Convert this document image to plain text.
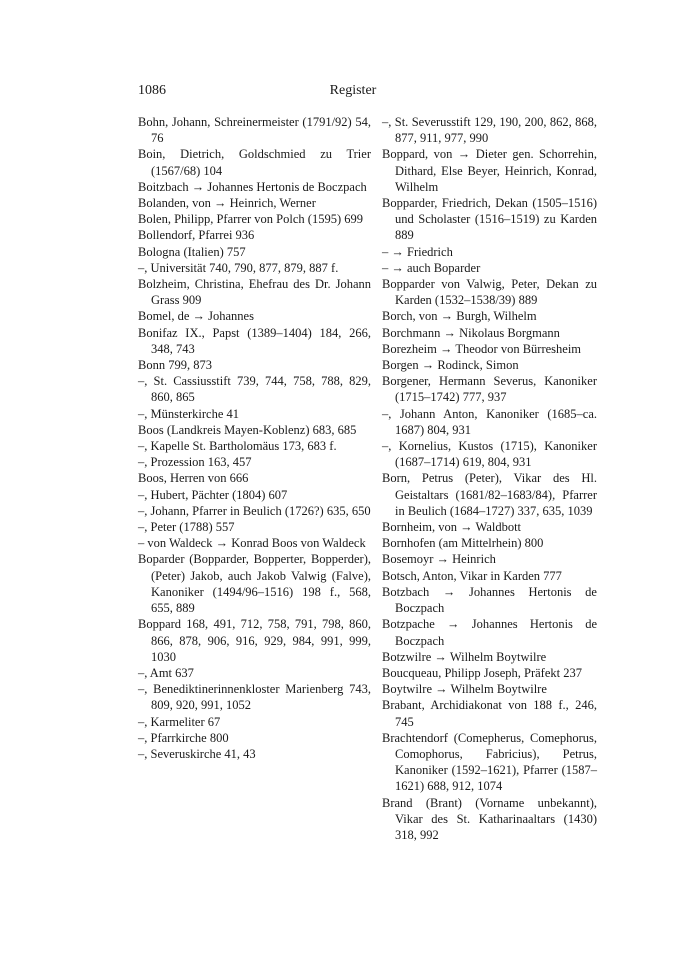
1086	Register

Bohn, Johann, Schreinermeister (1791/92) 54, 76

Boin, Dietrich, Goldschmied zu Trier (1567/68) 104

Boitzbach → Johannes Hertonis de Boczpach

Bolanden, von → Heinrich, Werner

Bolen, Philipp, Pfarrer von Polch (1595) 699

Bollendorf, Pfarrei 936

Bologna (Italien) 757

–, Universität 740, 790, 877, 879, 887 f.

Bolzheim, Christina, Ehefrau des Dr. Johann Grass 909

Bomel, de → Johannes

Bonifaz IX., Papst (1389–1404) 184, 266, 348, 743

Bonn 799, 873

–, St. Cassiusstift 739, 744, 758, 788, 829, 860, 865

–, Münsterkirche 41

Boos (Landkreis Mayen-Koblenz) 683, 685

–, Kapelle St. Bartholomäus 173, 683 f.

–, Prozession 163, 457

Boos, Herren von 666

–, Hubert, Pächter (1804) 607

–, Johann, Pfarrer in Beulich (1726?) 635, 650

–, Peter (1788) 557

– von Waldeck → Konrad Boos von Waldeck

Boparder (Bopparder, Bopperter, Bopperder), (Peter) Jakob, auch Jakob Valwig (Falve), Kanoniker (1494/96–1516) 198 f., 568, 655, 889

Boppard 168, 491, 712, 758, 791, 798, 860, 866, 878, 906, 916, 929, 984, 991, 999, 1030

–, Amt 637

–, Benediktinerinnenkloster Marienberg 743, 809, 920, 991, 1052

–, Karmeliter 67

–, Pfarrkirche 800

–, Severuskirche 41, 43

–, St. Severusstift 129, 190, 200, 862, 868, 877, 911, 977, 990

Boppard, von → Dieter gen. Schorrehin, Dithard, Else Beyer, Heinrich, Konrad, Wilhelm

Bopparder, Friedrich, Dekan (1505–1516) und Scholaster (1516–1519) zu Karden 889

– → Friedrich

– → auch Boparder

Bopparder von Valwig, Peter, Dekan zu Karden (1532–1538/39) 889

Borch, von → Burgh, Wilhelm

Borchmann → Nikolaus Borgmann

Borezheim → Theodor von Bürresheim

Borgen → Rodinck, Simon

Borgener, Hermann Severus, Kanoniker (1715–1742) 777, 937

–, Johann Anton, Kanoniker (1685–ca. 1687) 804, 931

–, Kornelius, Kustos (1715), Kanoniker (1687–1714) 619, 804, 931

Born, Petrus (Peter), Vikar des Hl. Geistaltars (1681/82–1683/84), Pfarrer in Beulich (1684–1727) 337, 635, 1039

Bornheim, von → Waldbott

Bornhofen (am Mittelrhein) 800

Bosemoyr → Heinrich

Botsch, Anton, Vikar in Karden 777

Botzbach → Johannes Hertonis de Boczpach

Botzpache → Johannes Hertonis de Boczpach

Botzwilre → Wilhelm Boytwilre

Boucqueau, Philipp Joseph, Präfekt 237

Boytwilre → Wilhelm Boytwilre

Brabant, Archidiakonat von 188 f., 246, 745

Brachtendorf (Comepherus, Comephorus, Comophorus, Fabricius), Petrus, Kanoniker (1592–1621), Pfarrer (1587–1621) 688, 912, 1074

Brand (Brant) (Vorname unbekannt), Vikar des St. Katharinaaltars (1430) 318, 992
